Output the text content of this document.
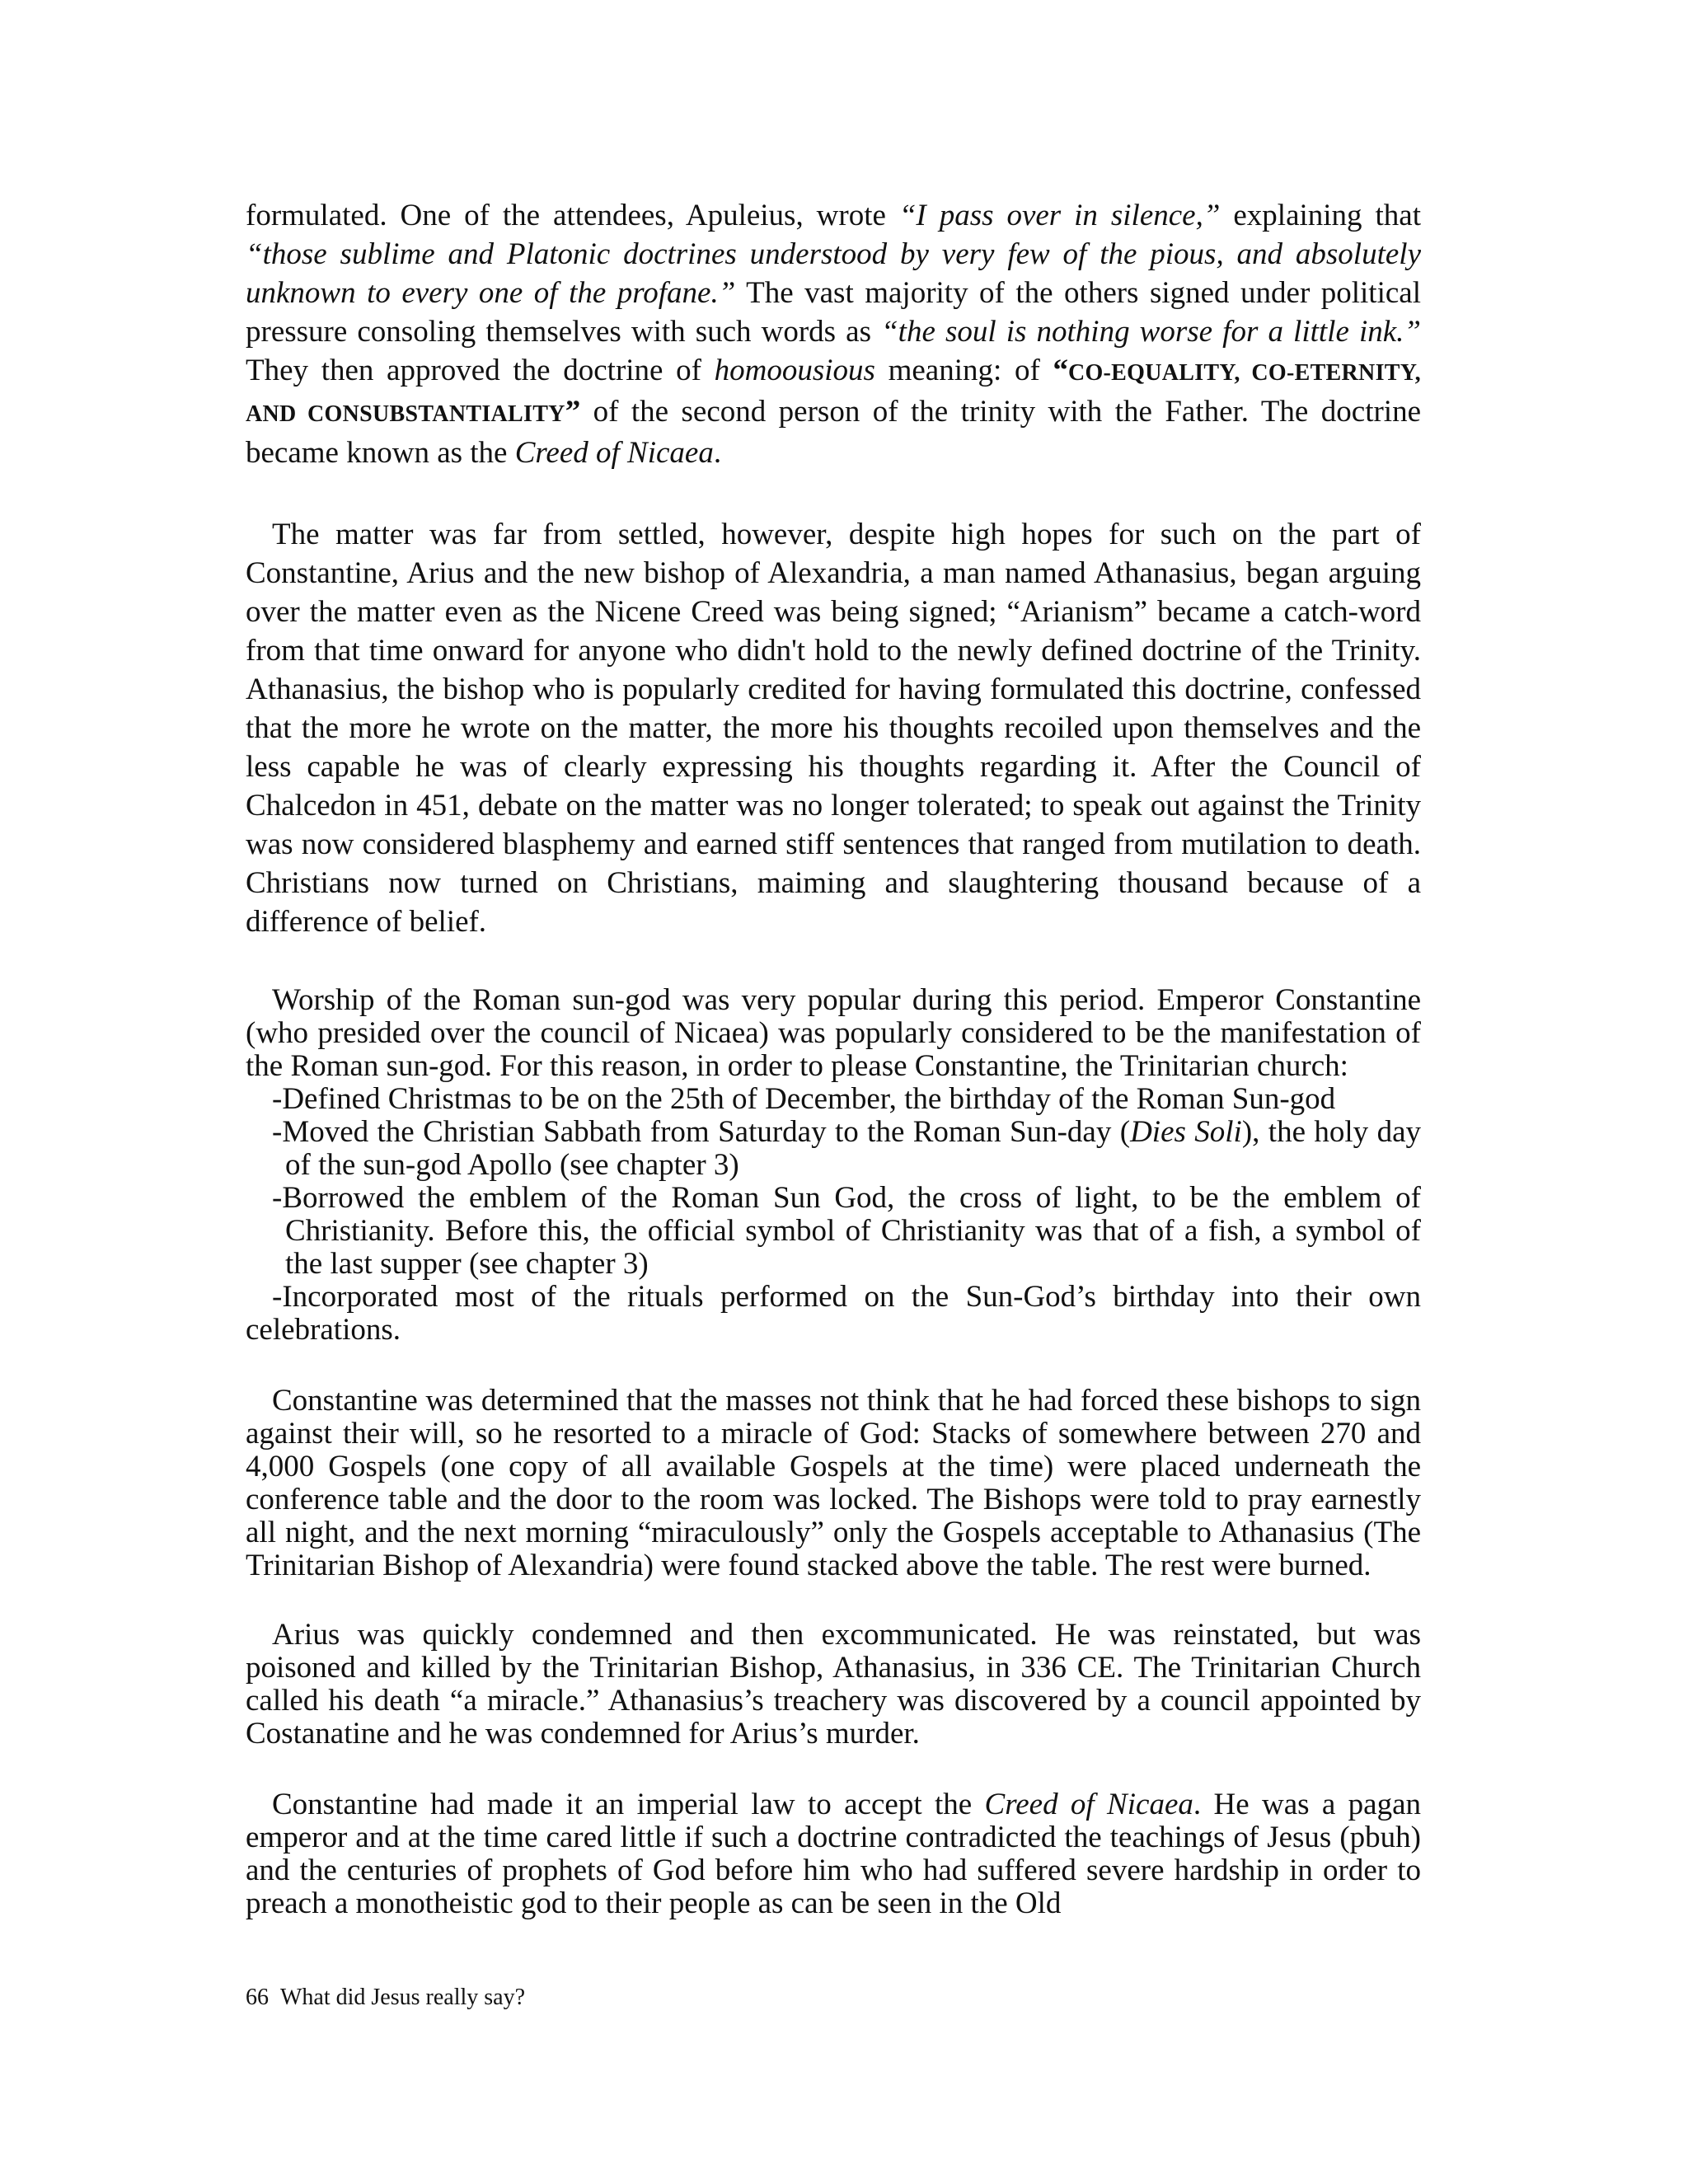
formulated. One of the attendees, Apuleius, wrote “I pass over in silence,” explaining that “those sublime and Platonic doctrines understood by very few of the pious, and absolutely unknown to every one of the profane.” The vast majority of the others signed under political pressure consoling themselves with such words as “the soul is nothing worse for a little ink.” They then approved the doctrine of homoousious meaning: of “CO-EQUALITY, CO-ETERNITY, AND CONSUBSTANTIALITY” of the second person of the trinity with the Father. The doctrine became known as the Creed of Nicaea.

The matter was far from settled, however, despite high hopes for such on the part of Constantine, Arius and the new bishop of Alexandria, a man named Athanasius, began arguing over the matter even as the Nicene Creed was being signed; “Arianism” became a catch-word from that time onward for anyone who didn't hold to the newly defined doctrine of the Trinity. Athanasius, the bishop who is popularly credited for having formulated this doctrine, confessed that the more he wrote on the matter, the more his thoughts recoiled upon themselves and the less capable he was of clearly expressing his thoughts regarding it. After the Council of Chalcedon in 451, debate on the matter was no longer tolerated; to speak out against the Trinity was now considered blasphemy and earned stiff sentences that ranged from mutilation to death. Christians now turned on Christians, maiming and slaughtering thousand because of a difference of belief.

Worship of the Roman sun-god was very popular during this period. Emperor Constantine (who presided over the council of Nicaea) was popularly considered to be the manifestation of the Roman sun-god. For this reason, in order to please Constantine, the Trinitarian church:

-Defined Christmas to be on the 25th of December, the birthday of the Roman Sun-god
-Moved the Christian Sabbath from Saturday to the Roman Sun-day (Dies Soli), the holy day of the sun-god Apollo (see chapter 3)
-Borrowed the emblem of the Roman Sun God, the cross of light, to be the emblem of Christianity. Before this, the official symbol of Christianity was that of a fish, a symbol of the last supper (see chapter 3)
-Incorporated most of the rituals performed on the Sun-God’s birthday into their own celebrations.

Constantine was determined that the masses not think that he had forced these bishops to sign against their will, so he resorted to a miracle of God: Stacks of somewhere between 270 and 4,000 Gospels (one copy of all available Gospels at the time) were placed underneath the conference table and the door to the room was locked. The Bishops were told to pray earnestly all night, and the next morning “miraculously” only the Gospels acceptable to Athanasius (The Trinitarian Bishop of Alexandria) were found stacked above the table. The rest were burned.

Arius was quickly condemned and then excommunicated. He was reinstated, but was poisoned and killed by the Trinitarian Bishop, Athanasius, in 336 CE. The Trinitarian Church called his death “a miracle.” Athanasius’s treachery was discovered by a council appointed by Costanatine and he was condemned for Arius’s murder.

Constantine had made it an imperial law to accept the Creed of Nicaea. He was a pagan emperor and at the time cared little if such a doctrine contradicted the teachings of Jesus (pbuh) and the centuries of prophets of God before him who had suffered severe hardship in order to preach a monotheistic god to their people as can be seen in the Old

66 What did Jesus really say?
